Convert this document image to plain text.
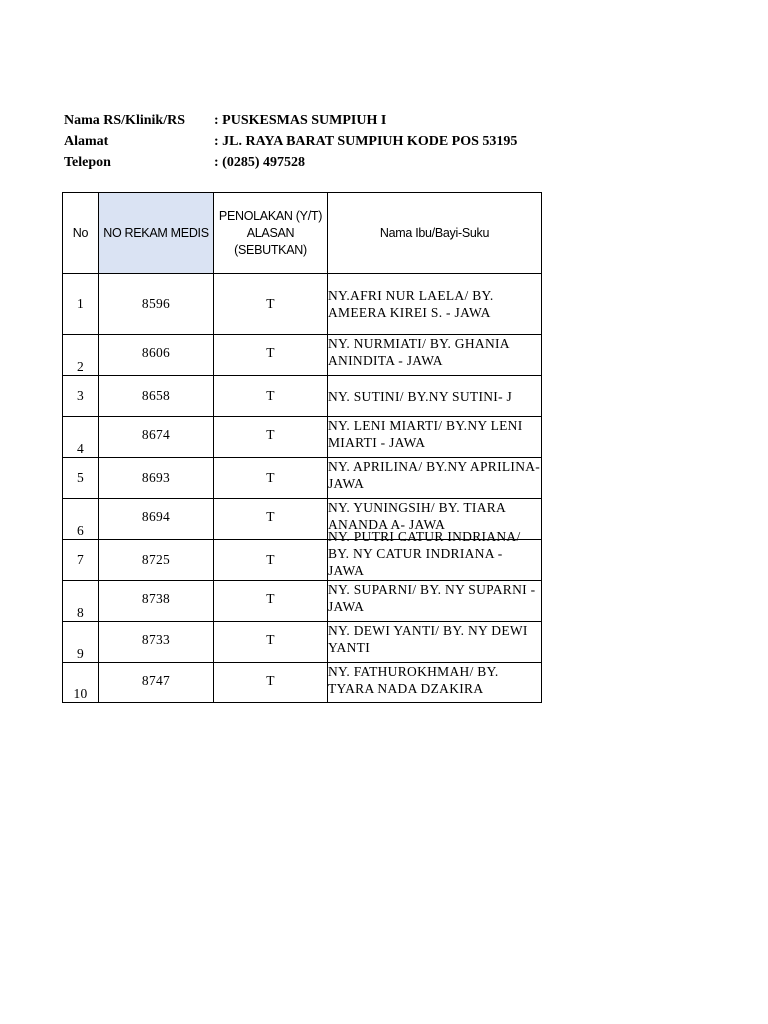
Nama RS/Klinik/RS	: PUSKESMAS SUMPIUH I
Alamat	: JL. RAYA BARAT SUMPIUH KODE POS 53195
Telepon	: (0285) 497528
No	NO REKAM MEDIS	PENOLAKAN (Y/T) ALASAN (SEBUTKAN)	Nama Ibu/Bayi-Suku
1	8596	T	NY.AFRI NUR LAELA/ BY. AMEERA KIREI S. - JAWA

2	8606	T	NY. NURMIATI/ BY. GHANIA ANINDITA - JAWA

3	8658	T	NY. SUTINI/ BY.NY SUTINI- J

4	8674	T	NY. LENI MIARTI/ BY.NY LENI MIARTI - JAWA

5	8693	T	NY. APRILINA/ BY.NY APRILINA- JAWA

6	8694	T	NY. YUNINGSIH/ BY. TIARA ANANDA A- JAWA

7	8725	T	NY. PUTRI CATUR INDRIANA/ BY. NY CATUR INDRIANA - JAWA

8	8738	T	NY. SUPARNI/ BY. NY SUPARNI - JAWA

9	8733	T	NY. DEWI YANTI/ BY. NY DEWI YANTI

10	8747	T	NY. FATHUROKHMAH/ BY. TYARA NADA DZAKIRA
